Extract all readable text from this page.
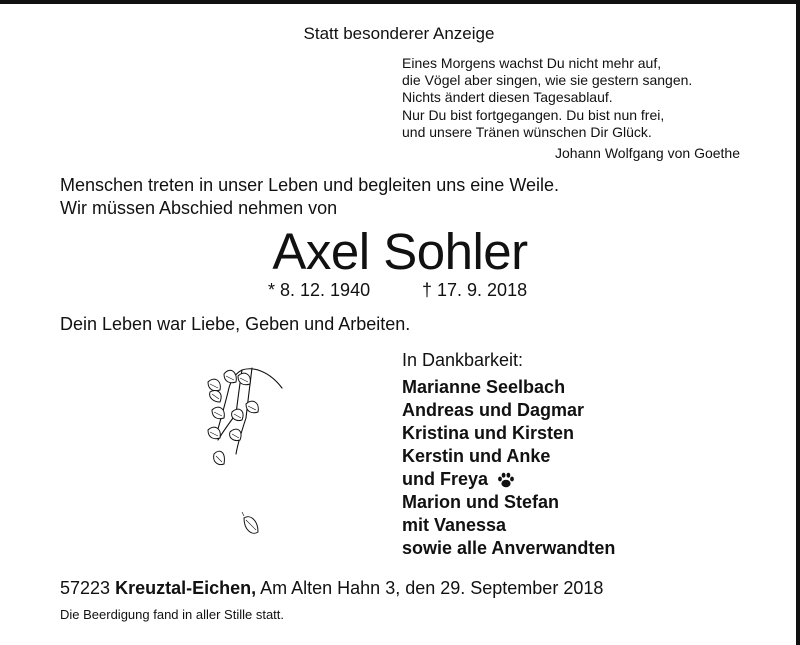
Statt besonderer Anzeige
Eines Morgens wachst Du nicht mehr auf,
die Vögel aber singen, wie sie gestern sangen.
Nichts ändert diesen Tagesablauf.
Nur Du bist fortgegangen. Du bist nun frei,
und unsere Tränen wünschen Dir Glück.
Johann Wolfgang von Goethe
Menschen treten in unser Leben und begleiten uns eine Weile.
Wir müssen Abschied nehmen von
Axel Sohler
* 8. 12. 1940	† 17. 9. 2018
Dein Leben war Liebe, Geben und Arbeiten.
In Dankbarkeit:
Marianne Seelbach
Andreas und Dagmar
Kristina und Kirsten
Kerstin und Anke
und Freya
Marion und Stefan
mit Vanessa
sowie alle Anverwandten
57223 Kreuztal-Eichen, Am Alten Hahn 3, den 29. September 2018
Die Beerdigung fand in aller Stille statt.
